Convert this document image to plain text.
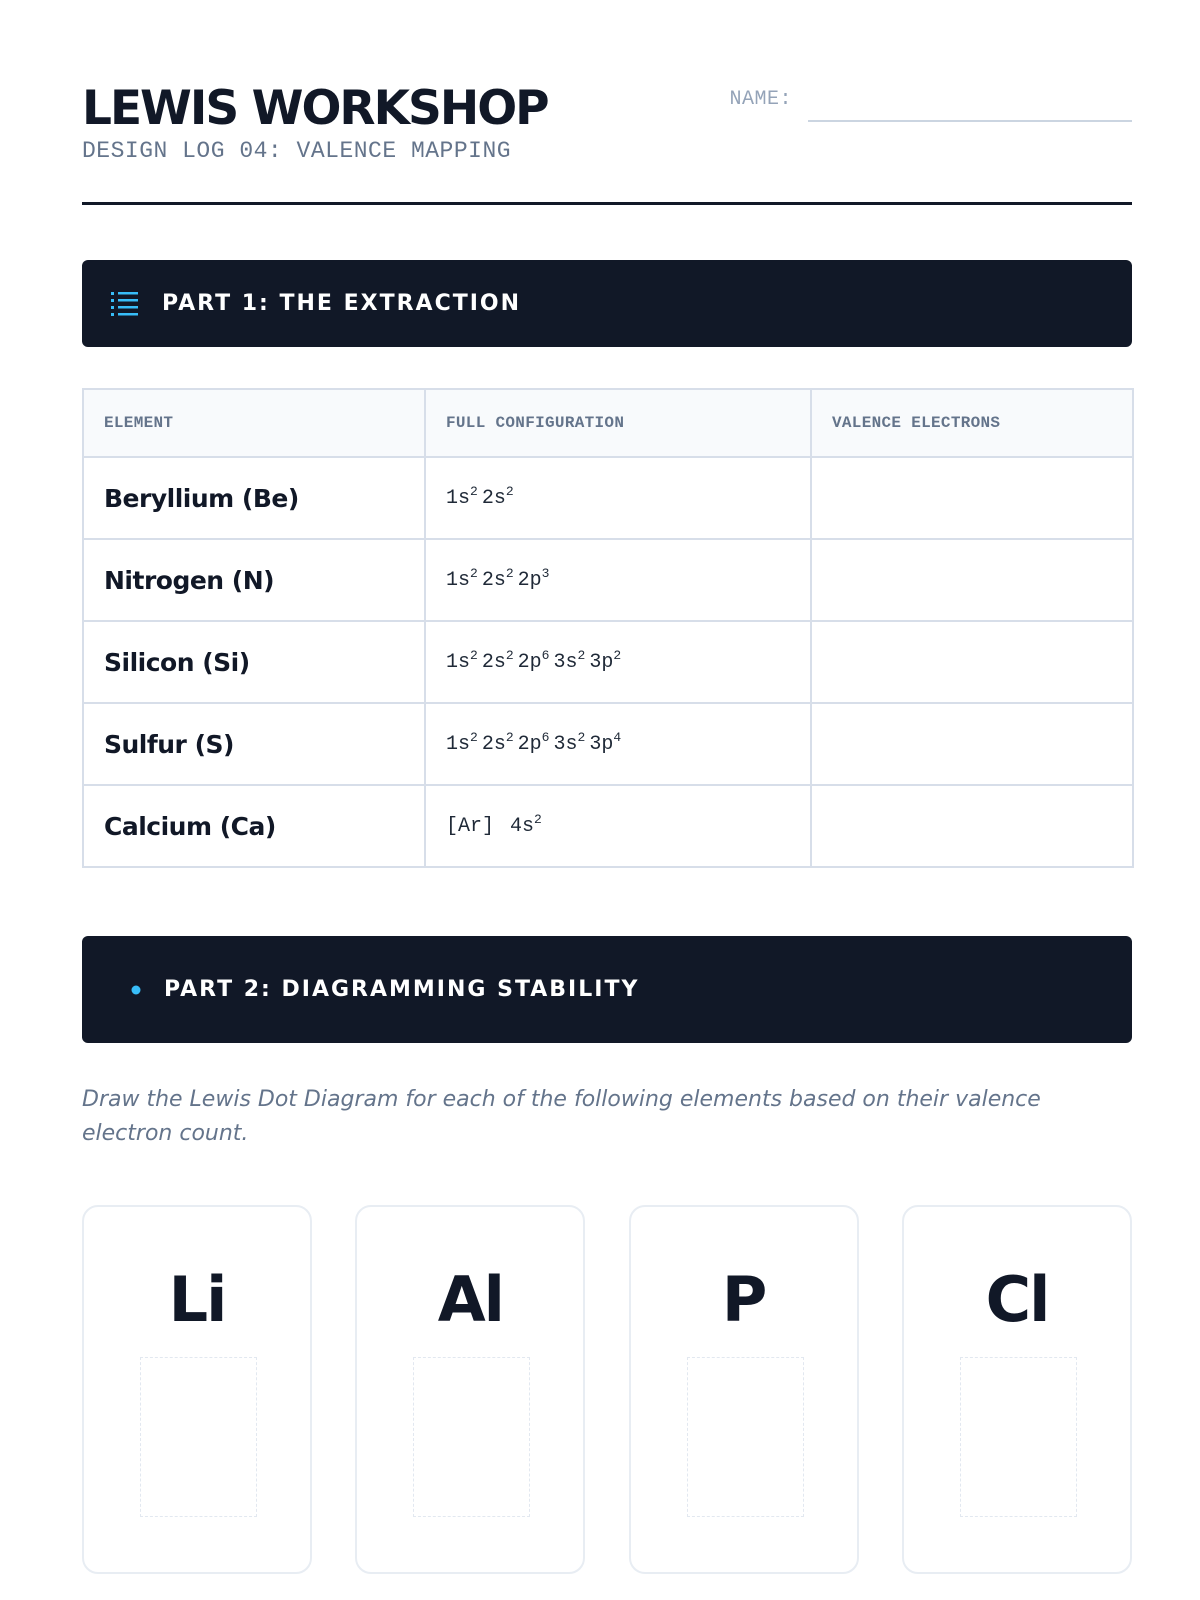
LEWIS WORKSHOP
DESIGN LOG 04: VALENCE MAPPING
NAME:
PART 1: THE EXTRACTION
ELEMENT	FULL CONFIGURATION	VALENCE ELECTRONS
Beryllium (Be)	$1s^2$ $2s^2$	
Nitrogen (N)	$1s^2$ $2s^2$ $2p^3$	
Silicon (Si)	$1s^2$ $2s^2$ $2p^6$ $3s^2$ $3p^2$	
Sulfur (S)	$1s^2$ $2s^2$ $2p^6$ $3s^2$ $3p^4$	
Calcium (Ca)	[Ar] $4s^2$	
PART 2: DIAGRAMMING STABILITY

Draw the Lewis Dot Diagram for each of the following elements based on their valence electron count.

Li	Al	P	Cl
